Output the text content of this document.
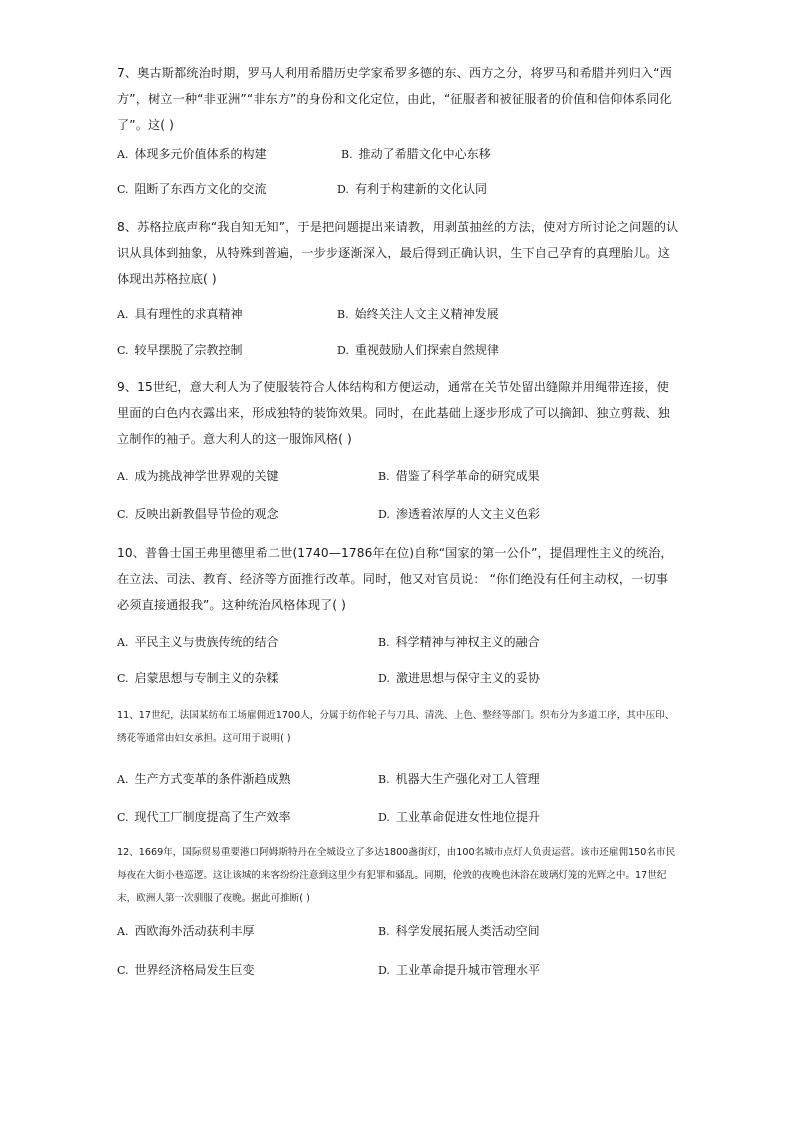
7、奥古斯都统治时期，罗马人利用希腊历史学家希罗多德的东、西方之分，将罗马和希腊并列归入“西方”，树立一种“非亚洲”“非东方”的身份和文化定位，由此，“征服者和被征服者的价值和信仰体系同化了”。这( )

A. 体现多元价值体系的构建	B. 推动了希腊文化中心东移
C. 阻断了东西方文化的交流	D. 有利于构建新的文化认同

8、苏格拉底声称“我自知无知”，于是把问题提出来请教，用剥茧抽丝的方法，使对方所讨论之问题的认识从具体到抽象，从特殊到普遍，一步步逐渐深入，最后得到正确认识，生下自己孕育的真理胎儿。这体现出苏格拉底( )

A. 具有理性的求真精神	B. 始终关注人文主义精神发展
C. 较早摆脱了宗教控制	D. 重视鼓励人们探索自然规律

9、15世纪，意大利人为了使服装符合人体结构和方便运动，通常在关节处留出缝隙并用绳带连接，使里面的白色内衣露出来，形成独特的装饰效果。同时，在此基础上逐步形成了可以摘卸、独立剪裁、独立制作的袖子。意大利人的这一服饰风格( )

A. 成为挑战神学世界观的关键	B. 借鉴了科学革命的研究成果
C. 反映出新教倡导节俭的观念	D. 渗透着浓厚的人文主义色彩

10、普鲁士国王弗里德里希二世(1740—1786年在位)自称“国家的第一公仆”，提倡理性主义的统治，在立法、司法、教育、经济等方面推行改革。同时，他又对官员说： “你们绝没有任何主动权，一切事必须直接通报我”。这种统治风格体现了( )

A. 平民主义与贵族传统的结合	B. 科学精神与神权主义的融合
C. 启蒙思想与专制主义的杂糅	D. 激进思想与保守主义的妥协

11、17世纪，法国某纺布工场雇佣近1700人，分属于纺作轮子与刀具、清洗、上色、整经等部门。织布分为多道工序，其中压印、绣花等通常由妇女承担。这可用于说明( )

A. 生产方式变革的条件渐趋成熟	B. 机器大生产强化对工人管理
C. 现代工厂制度提高了生产效率	D. 工业革命促进女性地位提升

12、1669年，国际贸易重要港口阿姆斯特丹在全城设立了多达1800盏街灯，由100名城市点灯人负责运营。该市还雇佣150名市民每夜在大街小巷巡逻。这让该城的来客纷纷注意到这里少有犯罪和骚乱。同期，伦敦的夜晚也沐浴在玻璃灯笼的光辉之中。17世纪末，欧洲人第一次驯服了夜晚。据此可推断( )

A. 西欧海外活动获利丰厚	B. 科学发展拓展人类活动空间
C. 世界经济格局发生巨变	D. 工业革命提升城市管理水平
